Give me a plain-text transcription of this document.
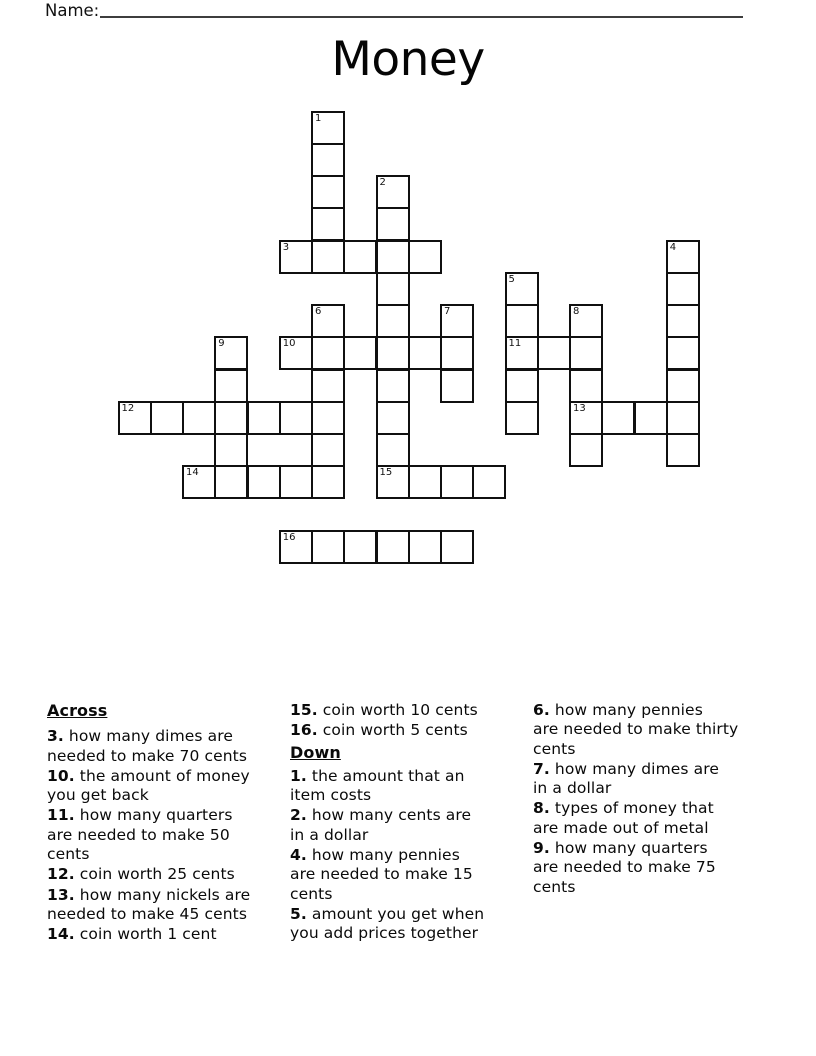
Name:
Money
1
2
15
3	4
5
11
6	7	8
13
9	10
12
14
16
Across

3. how many dimes are
needed to make 70 cents

10. the amount of money
you get back

11. how many quarters
are needed to make 50
cents

12. coin worth 25 cents

13. how many nickels are
needed to make 45 cents

14. coin worth 1 cent

15. coin worth 10 cents

16. coin worth 5 cents

Down

1. the amount that an
item costs

2. how many cents are
in a dollar

4. how many pennies
are needed to make 15
cents

5. amount you get when
you add prices together

6. how many pennies
are needed to make thirty
cents

7. how many dimes are
in a dollar

8. types of money that
are made out of metal

9. how many quarters
are needed to make 75
cents
